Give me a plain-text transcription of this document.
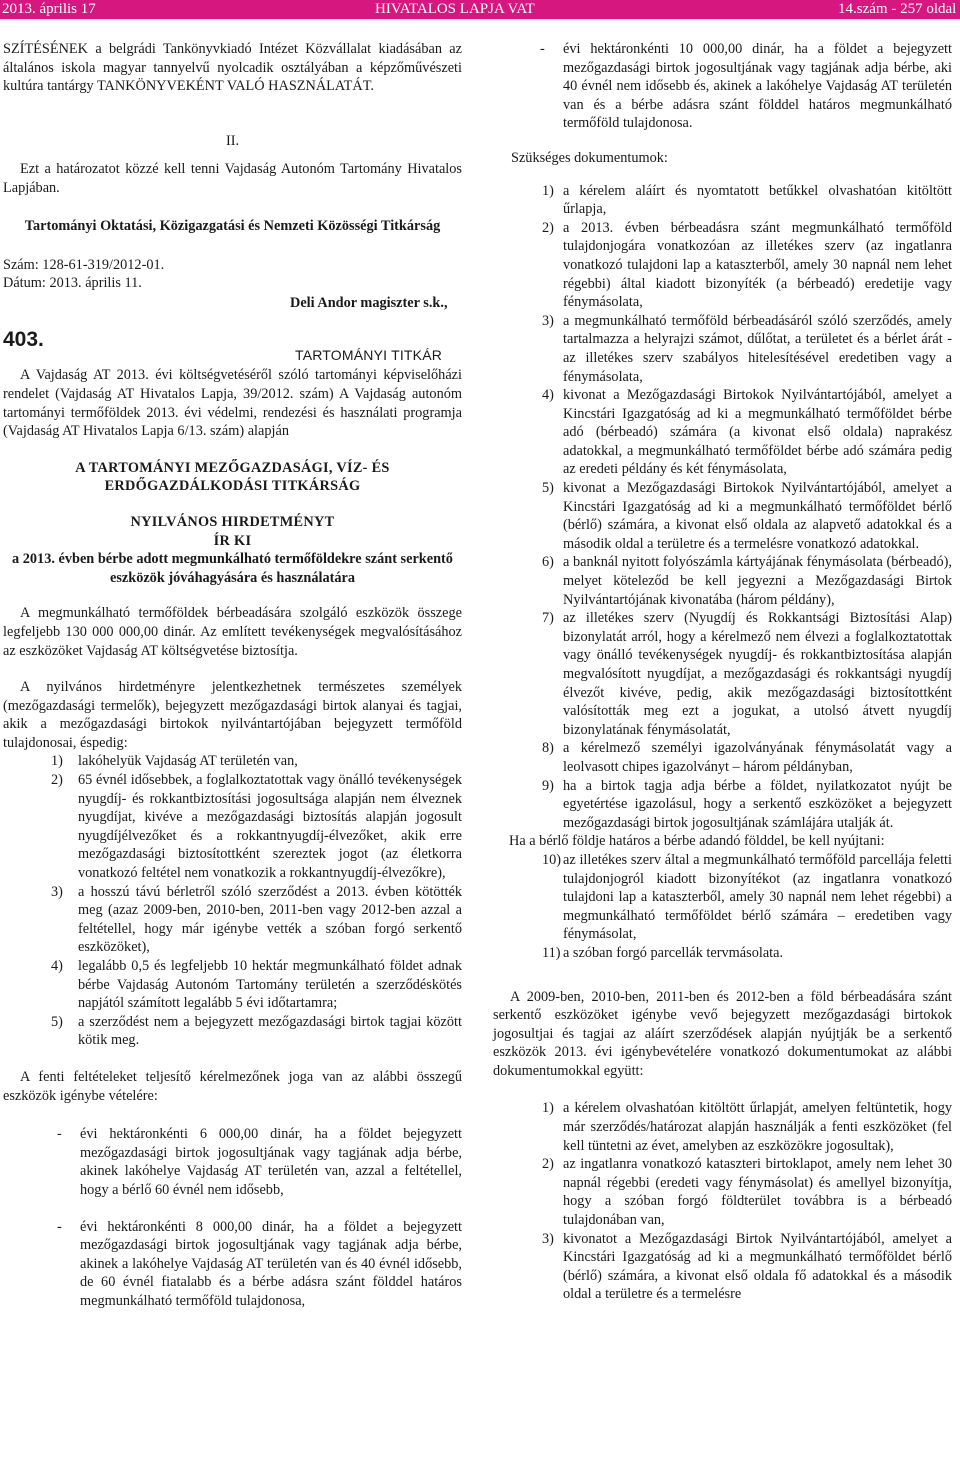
2013. április 17	HIVATALOS LAPJA VAT	14.szám - 257 oldal

SZÍTÉSÉNEK a belgrádi Tankönyvkiadó Intézet Közvállalat kiadásában az általános iskola magyar tannyelvű nyolcadik osztályában a képzőművészeti kultúra tantárgy TANKÖNYVEKÉNT VALÓ HASZNÁLATÁT.

II.

Ezt a határozatot közzé kell tenni Vajdaság Autonóm Tartomány Hivatalos Lapjában.

Tartományi Oktatási, Közigazgatási és Nemzeti Közösségi Titkárság

Szám: 128-61-319/2012-01.

Dátum: 2013. április 11.

Deli Andor magiszter s.k.,

TARTOMÁNYI TITKÁR

403.

A Vajdaság AT 2013. évi költségvetéséről szóló tartományi képviselőházi rendelet (Vajdaság AT Hivatalos Lapja, 39/2012. szám) A Vajdaság autonóm tartományi termőföldek 2013. évi védelmi, rendezési és használati programja (Vajdaság AT Hivatalos Lapja 6/13. szám) alapján

A TARTOMÁNYI MEZŐGAZDASÁGI, VÍZ- ÉS

ERDŐGAZDÁLKODÁSI TITKÁRSÁG

NYILVÁNOS HIRDETMÉNYT

ÍR KI

a 2013. évben bérbe adott megmunkálható termőföldekre szánt serkentő eszközök jóváhagyására és használatára

A megmunkálható termőföldek bérbeadására szolgáló eszközök összege legfeljebb 130 000 000,00 dinár. Az említett tevékenységek megvalósításához az eszközöket Vajdaság AT költségvetése biztosítja.

A nyilvános hirdetményre jelentkezhetnek természetes személyek (mezőgazdasági termelők), bejegyzett mezőgazdasági birtok alanyai és tagjai, akik a mezőgazdasági birtokok nyilvántartójában bejegyzett termőföld tulajdonosai, éspedig:

1) lakóhelyük Vajdaság AT területén van,
2) 65 évnél idősebbek, a foglalkoztatottak vagy önálló tevékenységek nyugdíj- és rokkantbiztosítási jogosultsága alapján nem élveznek nyugdíjat, kivéve a mezőgazdasági biztosítás alapján jogosult nyugdíjélvezőket és a rokkantnyugdíj-élvezőket, akik erre mezőgazdasági biztosítottként szereztek jogot (az életkorra vonatkozó feltétel nem vonatkozik a rokkantnyugdíj-élvezőkre),
3) a hosszú távú bérletről szóló szerződést a 2013. évben kötötték meg (azaz 2009-ben, 2010-ben, 2011-ben vagy 2012-ben azzal a feltétellel, hogy már igénybe vették a szóban forgó serkentő eszközöket),
4) legalább 0,5 és legfeljebb 10 hektár megmunkálható földet adnak bérbe Vajdaság Autonóm Tartomány területén a szerződéskötés napjától számított legalább 5 évi időtartamra;
5) a szerződést nem a bejegyzett mezőgazdasági birtok tagjai között kötik meg.

A fenti feltételeket teljesítő kérelmezőnek joga van az alábbi összegű eszközök igénybe vételére:

- évi hektáronkénti 6 000,00 dinár, ha a földet bejegyzett mezőgazdasági birtok jogosultjának vagy tagjának adja bérbe, akinek lakóhelye Vajdaság AT területén van, azzal a feltétellel, hogy a bérlő 60 évnél nem idősebb,
- évi hektáronkénti 8 000,00 dinár, ha a földet a bejegyzett mezőgazdasági birtok jogosultjának vagy tagjának adja bérbe, akinek a lakóhelye Vajdaság AT területén van és 40 évnél idősebb, de 60 évnél fiatalabb és a bérbe adásra szánt földdel határos megmunkálható termőföld tulajdonosa,
- évi hektáronkénti 10 000,00 dinár, ha a földet a bejegyzett mezőgazdasági birtok jogosultjának vagy tagjának adja bérbe, aki 40 évnél nem idősebb és, akinek a lakóhelye Vajdaság AT területén van és a bérbe adásra szánt földdel határos megmunkálható termőföld tulajdonosa.

Szükséges dokumentumok:

1) a kérelem aláírt és nyomtatott betűkkel olvashatóan kitöltött űrlapja,
2) a 2013. évben bérbeadásra szánt megmunkálható termőföld tulajdonjogára vonatkozóan az illetékes szerv (az ingatlanra vonatkozó tulajdoni lap a kataszterből, amely 30 napnál nem lehet régebbi) által kiadott bizonyíték (a bérbeadó) eredetije vagy fénymásolata,
3) a megmunkálható termőföld bérbeadásáról szóló szerződés, amely tartalmazza a helyrajzi számot, dűlőtat, a területet és a bérlet árát - az illetékes szerv szabályos hitelesítésével eredetiben vagy a fénymásolata,
4) kivonat a Mezőgazdasági Birtokok Nyilvántartójából, amelyet a Kincstári Igazgatóság ad ki a megmunkálható termőföldet bérbe adó (bérbeadó) számára (a kivonat első oldala) naprakész adatokkal, a megmunkálható termőföldet bérbe adó számára pedig az eredeti példány és két fénymásolata,
5) kivonat a Mezőgazdasági Birtokok Nyilvántartójából, amelyet a Kincstári Igazgatóság ad ki a megmunkálható termőföldet bérlő (bérlő) számára, a kivonat első oldala az alapvető adatokkal és a második oldal a területre és a termelésre vonatkozó adatokkal.
6) a banknál nyitott folyószámla kártyájának fénymásolata (bérbeadó), melyet köteleződ be kell jegyezni a Mezőgazdasági Birtok Nyilvántartójának kivonatába (három példány),
7) az illetékes szerv (Nyugdíj és Rokkantsági Biztosítási Alap) bizonylatát arról, hogy a kérelmező nem élvezi a foglalkoztatottak vagy önálló tevékenységek nyugdíj- és rokkantbiztosítása alapján megvalósított nyugdíjat, a mezőgazdasági és rokkantsági nyugdíj élvezőt kivéve, pedig, akik mezőgazdasági biztosítottként valósították meg ezt a jogukat, a utolsó átvett nyugdíj bizonylatának fénymásolatát,
8) a kérelmező személyi igazolványának fénymásolatát vagy a leolvasott chipes igazolványt – három példányban,
9) ha a birtok tagja adja bérbe a földet, nyilatkozatot nyújt be egyetértése igazolásul, hogy a serkentő eszközöket a bejegyzett mezőgazdasági birtok jogosultjának számlájára utalják át.

Ha a bérlő földje határos a bérbe adandó földdel, be kell nyújtani:

10) az illetékes szerv által a megmunkálható termőföld parcellája feletti tulajdonjogról kiadott bizonyítékot (az ingatlanra vonatkozó tulajdoni lap a kataszterből, amely 30 napnál nem lehet régebbi) a megmunkálható termőföldet bérlő számára – eredetiben vagy fénymásolat,
11) a szóban forgó parcellák tervmásolata.

A 2009-ben, 2010-ben, 2011-ben és 2012-ben a föld bérbeadására szánt serkentő eszközöket igénybe vevő bejegyzett mezőgazdasági birtokok jogosultjai és tagjai az aláírt szerződések alapján nyújtják be a serkentő eszközök 2013. évi igénybevételére vonatkozó dokumentumokat az alábbi dokumentumokkal együtt:

1) a kérelem olvashatóan kitöltött űrlapját, amelyen feltüntetik, hogy már szerződés/határozat alapján használják a fenti eszközöket (fel kell tüntetni az évet, amelyben az eszközökre jogosultak),
2) az ingatlanra vonatkozó kataszteri birtoklapot, amely nem lehet 30 napnál régebbi (eredeti vagy fénymásolat) és amellyel bizonyítja, hogy a szóban forgó földterület továbbra is a bérbeadó tulajdonában van,
3) kivonatot a Mezőgazdasági Birtok Nyilvántartójából, amelyet a Kincstári Igazgatóság ad ki a megmunkálható termőföldet bérlő (bérlő) számára, a kivonat első oldala fő adatokkal és a második oldal a területre és a termelésre
